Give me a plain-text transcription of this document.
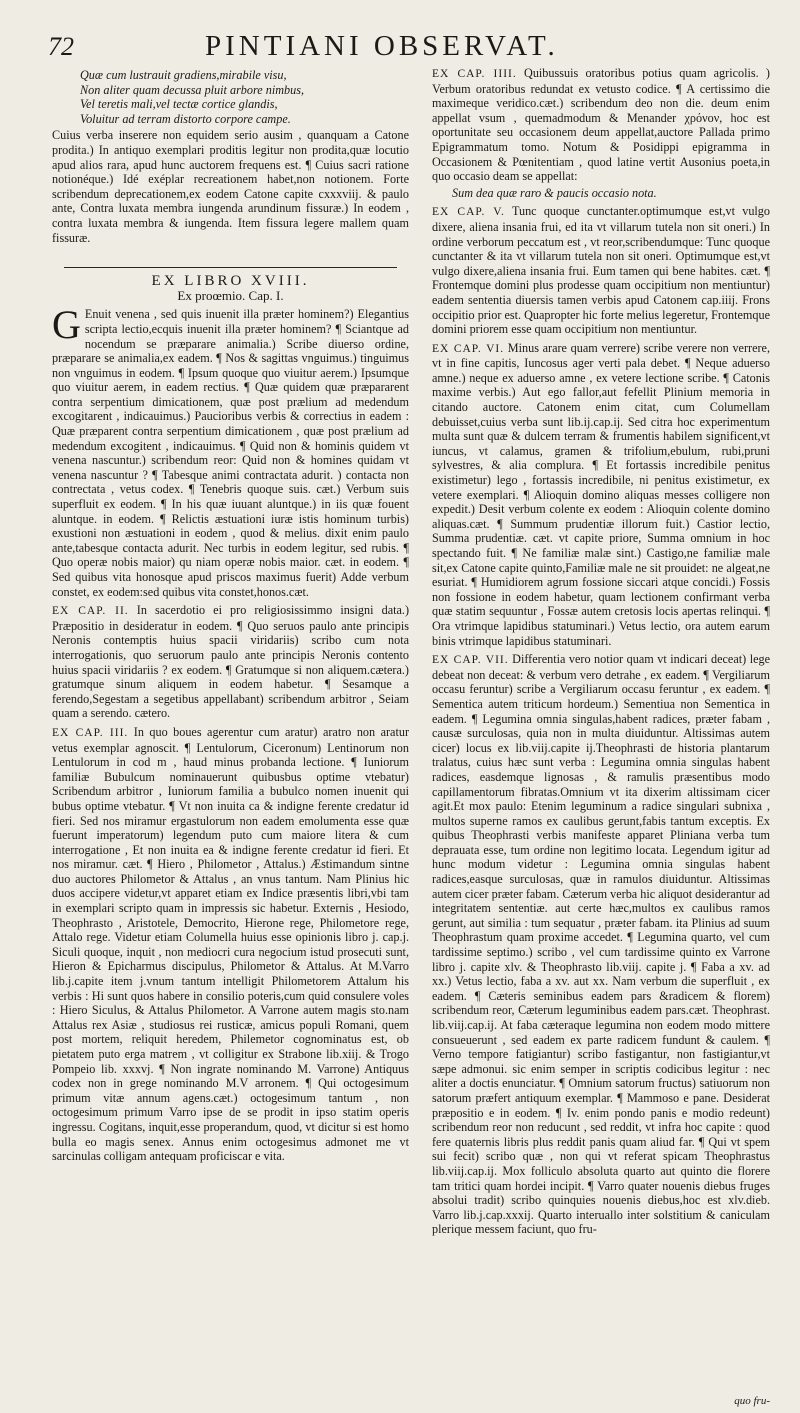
72	PINTIANI OBSERVAT.
Quæ cum lustrauit gradiens,mirabile visu,
Non aliter quam decussa pluit arbore nimbus,
Vel teretis mali,vel tectæ cortice glandis,
Voluitur ad terram distorto corpore campe.

Cuius verba inserere non equidem serio ausim , quanquam a Catone prodita.) In antiquo exemplari proditis legitur non prodita,quæ locutio apud alios rara, apud hunc auctorem frequens est. ¶ Cuius sacri ratione notionéque.) Idé exéplar recreationem habet,non notionem. Forte scribendum deprecationem,ex eodem Catone capite cxxxviij. & paulo ante, Contra luxata membra iungenda arundinum fissuræ.) In eodem , contra luxata membra & iungenda. Item fissura legere mallem quam fissuræ.

EX LIBRO XVIII.
Ex proœmio. Cap. I.

G Enuit venena , sed quis inuenit illa præter hominem?) Elegantius scripta lectio,ecquis inuenit illa præter hominem? ¶ Sciantque ad nocendum se præparare animalia.) Scribe diuerso ordine, præparare se animalia,ex eadem. ¶ Nos & sagittas vnguimus.) tinguimus non vnguimus in eodem. ¶ Ipsum quoque quo viuitur aerem.) Ipsumque quo viuitur aerem, in eadem rectius. ¶ Quæ quidem quæ præpararent contra serpentium dimicationem, quæ post prælium ad medendum excogitarent , indicauimus.) Paucioribus verbis & correctius in eadem : Quæ præparent contra serpentium dimicationem , quæ post prælium ad medendum excogitent , indicauimus. ¶ Quid non & hominis quidem vt venena nascuntur.) scribendum reor: Quid non & homines quidam vt venena nascuntur ? ¶ Tabesque animi contractata adurit. ) contacta non contrectata , vetus codex. ¶ Tenebris quoque suis. cæt.) Verbum suis superfluit ex eodem. ¶ In his quæ iuuant aluntque.) in iis quæ fouent aluntque. in eodem. ¶ Relictis æstuationi iuræ istis hominum turbis) exustioni non æstuationi in eodem , quod & melius. dixit enim paulo ante,tabesque contacta adurit. Nec turbis in eodem legitur, sed rubis. ¶ Quo operæ nobis maior) qu niam operæ nobis maior. cæt. in eodem. ¶ Sed quibus vita honosque apud priscos maximus fuerit) Adde verbum constet, ex eodem:sed quibus vita constet,honos.cæt.

EX CAP. II. In sacerdotio ei pro religiosissimmo insigni data.) Præpositio in desideratur in eodem. ¶ Quo seruos paulo ante principis Neronis contemptis huius spacii viridariis) scribo cum nota interrogationis, quo seruorum paulo ante principis Neronis contento huius spacii viridariis ? ex eodem. ¶ Gratumque si non aliquem.cætera.) gratumque sinum aliquem in eodem habetur. ¶ Sesamque a ferendo,Segestam a segetibus appellabant) scribendum arbitror , Seiam quam a serendo. cætero.

EX CAP. III. In quo boues agerentur cum aratur) aratro non aratur vetus exemplar agnoscit. ¶ Lentulorum, Ciceronum) Lentinorum non Lentulorum in cod m , haud minus probanda lectione. ¶ Iuniorum familiæ Bubulcum nominauerunt quibusbus optime vtebatur) Scribendum arbitror , Iuniorum familia a bubulco nomen inuenit qui bubus optime vtebatur. ¶ Vt non inuita ca & indigne ferente credatur id fieri. Sed nos miramur ergastulorum non eadem emolumenta esse quæ fuerunt imperatorum) legendum puto cum maiore litera & cum interrogatione , Et non inuita ea & indigne ferente credatur id fieri. Et nos miramur. cæt. ¶ Hiero , Philometor , Attalus.) Æstimandum sintne duo auctores Philometor & Attalus , an vnus tantum. Nam Plinius hic duos accipere videtur,vt apparet etiam ex Indice præsentis libri,vbi tam in exemplari scripto quam in impressis sic habetur. Externis , Hesiodo, Theophrasto , Aristotele, Democrito, Hierone rege, Philometore rege, Attalo rege. Videtur etiam Columella huius esse opinionis libro j. cap.j. Siculi quoque, inquit , non mediocri cura negocium istud prosecuti sunt, Hieron & Epicharmus discipulus, Philometor & Attalus. At M.Varro lib.j.capite item j.vnum tantum intelligit Philometorem Attalum his verbis : Hi sunt quos habere in consilio poteris,cum quid consulere voles : Hiero Siculus, & Attalus Philometor. A Varrone autem magis sto.nam Attalus rex Asiæ , studiosus rei rusticæ, amicus populi Romani, quem post mortem, reliquit heredem, Philemetor cognominatus est, ob pietatem puto erga matrem , vt colligitur ex Strabone lib.xiij. & Trogo Pompeio lib. xxxvj. ¶ Non ingrate nominando M. Varrone) Antiquus codex non in grege nominando M.V arronem. ¶ Qui octogesimum primum vitæ annum agens.cæt.) octogesimum tantum , non octogesimum primum Varro ipse de se prodit in ipso statim operis ingressu. Cogitans, inquit,esse properandum, quod, vt dicitur si est homo bulla eo magis senex. Annus enim octogesimus admonet me vt sarcinulas colligam antequam proficiscar e vita.

EX CAP. IIII. Quibussuis oratoribus potius quam agricolis. ) Verbum oratoribus redundat ex vetusto codice. ¶ A certissimo die maximeque veridico.cæt.) scribendum deo non die. deum enim appellat vsum , quemadmodum & Menander χρόνον, hoc est oportunitate seu occasionem deum appellat,auctore Pallada primo Epigrammatum tomo. Notum & Posidippi epigramma in Occasionem & Pœnitentiam , quod latine vertit Ausonius poeta,in quo occasio deam se appellat:

Sum dea quæ raro & paucis occasio nota.

EX CAP. V. Tunc quoque cunctanter.optimumque est,vt vulgo dixere, aliena insania frui, ed ita vt villarum tutela non sit oneri.) In ordine verborum peccatum est , vt reor,scribendumque: Tunc quoque cunctanter & ita vt villarum tutela non sit oneri. Optimumque est,vt vulgo dixere,aliena insania frui. Eum tamen qui bene habites. cæt. ¶ Frontemque domini plus prodesse quam occipitium non mentiuntur) eadem sententia diuersis tamen verbis apud Catonem cap.iiij. Frons occipitio prior est. Quapropter hic forte melius legeretur, Frontemque domini priorem esse quam occipitium non mentiuntur.

EX CAP. VI. Minus arare quam verrere) scribe verere non verrere, vt in fine capitis, Iuncosus ager verti pala debet. ¶ Neque aduerso amne.) neque ex aduerso amne , ex vetere lectione scribe. ¶ Catonis maxime verbis.) Aut ego fallor,aut fefellit Plinium memoria in citando auctore. Catonem enim citat, cum Columellam debuisset,cuius verba sunt lib.ij.cap.ij. Sed citra hoc experimentum multa sunt quæ & dulcem terram & frumentis habilem significent,vt iuncus, vt calamus, gramen & trifolium,ebulum, rubi,pruni sylvestres, & alia complura. ¶ Et fortassis incredibile penitus existimetur) lego , fortassis incredibile, ni penitus existimetur, ex vetere exemplari. ¶ Alioquin domino aliquas messes colligere non expedit.) Desit verbum colente ex eodem : Alioquin colente domino aliquas.cæt. ¶ Summum prudentiæ illorum fuit.) Castior lectio, Summa prudentiæ. cæt. vt capite priore, Summa omnium in hoc spectando fuit. ¶ Ne familiæ malæ sint.) Castigo,ne familiæ male sit,ex Catone capite quinto,Familiæ male ne sit prouidet: ne algeat,ne esuriat. ¶ Humidiorem agrum fossione siccari atque concidi.) Fossis non fossione in eodem habetur, quam lectionem confirmant verba quæ statim sequuntur , Fossæ autem cretosis locis apertas relinqui. ¶ Ora vtrimque lapidibus statuminari.) Vetus lectio, ora autem earum binis vtrimque lapidibus statuminari.

EX CAP. VII. Differentia vero notior quam vt indicari deceat) lege debeat non deceat: & verbum vero detrahe , ex eadem. ¶ Vergiliarum occasu feruntur) scribe a Vergiliarum occasu feruntur , ex eadem. ¶ Sementica autem triticum hordeum.) Sementiua non Sementica in eadem. ¶ Legumina omnia singulas,habent radices, præter fabam , causæ surculosas, quia non in multa diuiduntur. Altissimas autem cicer) locus ex lib.viij.capite ij.Theophrasti de historia plantarum tralatus, cuius hæc sunt verba : Legumina omnia singulas habent radices, easdemque lignosas , & ramulis præsentibus modo capillamentorum fibratas.Omnium vt ita dixerim altissimam cicer agit.Et mox paulo: Etenim leguminum a radice singulari subnixa , multos superne ramos ex caulibus gerunt,fabis tantum exceptis. Ex quibus Theophrasti verbis manifeste apparet Pliniana verba tum deprauata esse, tum ordine non legitimo locata. Legendum igitur ad hunc modum videtur : Legumina omnia singulas habent radices,easque surculosas, quæ in ramulos diuiduntur. Altissimas autem cicer præter fabam. Cæterum verba hic aliquot desiderantur ad integritatem sententiæ. aut certe hæc,multos ex caulibus ramos gerunt, aut similia : tum sequatur , præter fabam. ita Plinius ad suum Theophrastum quam proxime accedet. ¶ Legumina quarto, vel cum tardissime septimo.) scribo , vel cum tardissime quinto ex Varrone libro j. capite xlv. & Theophrasto lib.viij. capite j. ¶ Faba a xv. ad xx.) Vetus lectio, faba a xv. aut xx. Nam verbum die superfluit , ex eadem. ¶ Cæteris seminibus eadem pars &radicem & florem) scribendum reor, Cæterum leguminibus eadem pars.cæt. Theophrast. lib.viij.cap.ij. At faba cæteraque legumina non eodem modo mittere consueuerunt , sed eadem ex parte radicem fundunt & caulem. ¶ Verno tempore fatigiantur) scribo fastigantur, non fastigiantur,vt sæpe admonui. sic enim semper in scriptis codicibus legitur : nec aliter a doctis enunciatur. ¶ Omnium satorum fructus) satiuorum non satorum præfert antiquum exemplar. ¶ Mammoso e pane. Desiderat præpositio e in eodem. ¶ Iv. enim pondo panis e modio redeunt) scribendum reor non reducunt , sed reddit, vt infra hoc capite : quod fere quaternis libris plus reddit panis quam aliud far. ¶ Qui vt spem sui fecit) scribo quæ , non qui vt referat spicam Theophrastus lib.viij.cap.ij. Mox folliculo absoluta quarto aut quinto die florere tam tritici quam hordei incipit. ¶ Varro quater nouenis diebus fruges absolui tradit) scribo quinquies nouenis diebus,hoc est xlv.dieb. Varro lib.j.cap.xxxij. Quarto interuallo inter solstitium & caniculam plerique messem faciunt, quo fru-

quo fru-
